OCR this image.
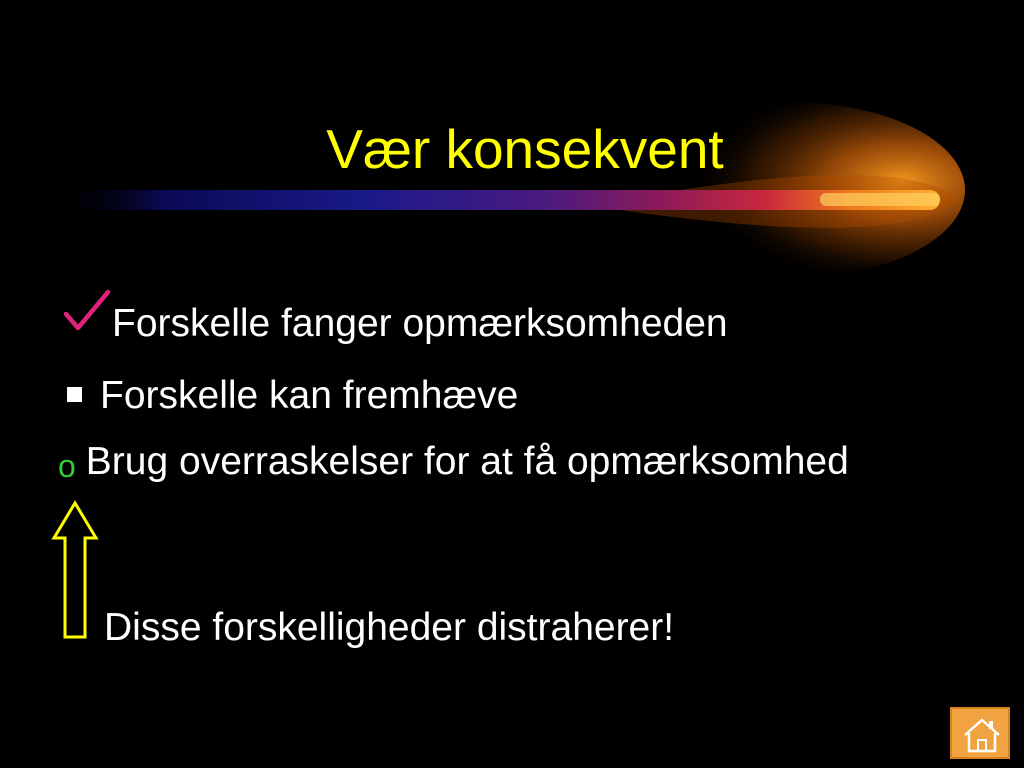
Vær konsekvent
Forskelle fanger opmærksomheden
Forskelle kan fremhæve
$^o$ Brug overraskelser for at få opmærksomhed
Disse forskelligheder distraherer!
